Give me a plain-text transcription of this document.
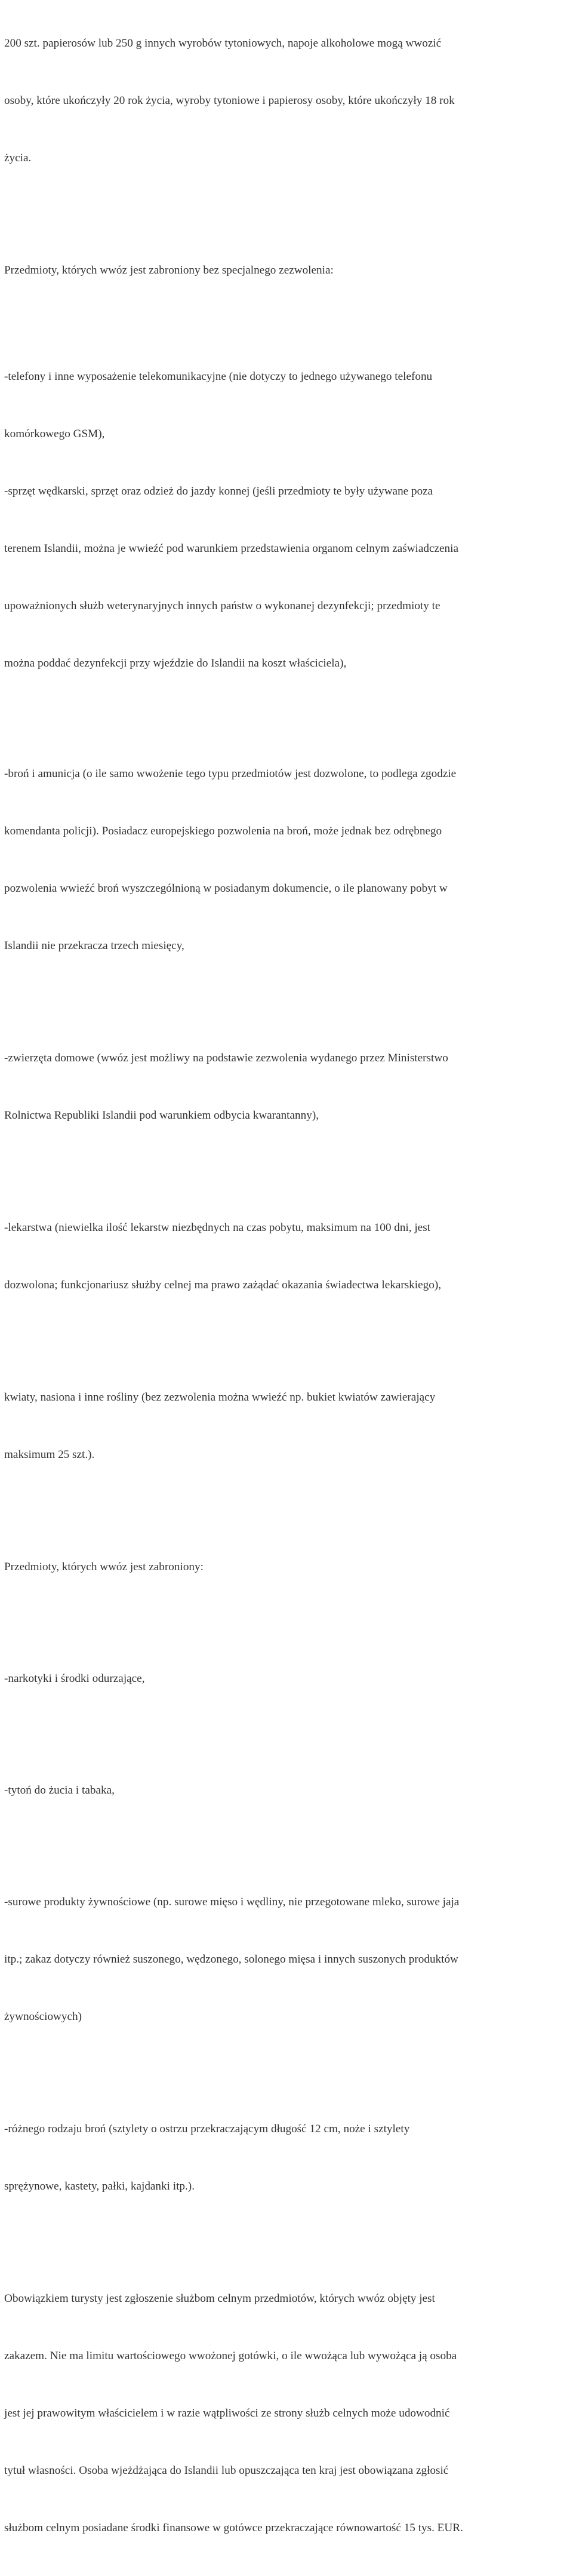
200 szt. papierosów lub 250 g innych wyrobów tytoniowych, napoje alkoholowe mogą wwozić

osoby, które ukończyły 20 rok życia, wyroby tytoniowe i papierosy osoby, które ukończyły 18 rok

życia.

Przedmioty, których wwóz jest zabroniony bez specjalnego zezwolenia:

-telefony i inne wyposażenie telekomunikacyjne (nie dotyczy to jednego używanego telefonu

komórkowego GSM),

-sprzęt wędkarski, sprzęt oraz odzież do jazdy konnej (jeśli przedmioty te były używane poza

terenem Islandii, można je wwieźć pod warunkiem przedstawienia organom celnym zaświadczenia

upoważnionych służb weterynaryjnych innych państw o wykonanej dezynfekcji; przedmioty te

można poddać dezynfekcji przy wjeździe do Islandii na koszt właściciela),

-broń i amunicja (o ile samo wwożenie tego typu przedmiotów jest dozwolone, to podlega zgodzie

komendanta policji). Posiadacz europejskiego pozwolenia na broń, może jednak bez odrębnego

pozwolenia wwieźć broń wyszczególnioną w posiadanym dokumencie, o ile planowany pobyt w

Islandii nie przekracza trzech miesięcy,

-zwierzęta domowe (wwóz jest możliwy na podstawie zezwolenia wydanego przez Ministerstwo

Rolnictwa Republiki Islandii pod warunkiem odbycia kwarantanny),

-lekarstwa (niewielka ilość lekarstw niezbędnych na czas pobytu, maksimum na 100 dni, jest

dozwolona; funkcjonariusz służby celnej ma prawo zażądać okazania świadectwa lekarskiego),

kwiaty, nasiona i inne rośliny (bez zezwolenia można wwieźć np. bukiet kwiatów zawierający

maksimum 25 szt.).

Przedmioty, których wwóz jest zabroniony:

-narkotyki i środki odurzające,

-tytoń do żucia i tabaka,

-surowe produkty żywnościowe (np. surowe mięso i wędliny, nie przegotowane mleko, surowe jaja

itp.; zakaz dotyczy również suszonego, wędzonego, solonego mięsa i innych suszonych produktów

żywnościowych)

-różnego rodzaju broń (sztylety o ostrzu przekraczającym długość 12 cm, noże i sztylety

sprężynowe, kastety, pałki, kajdanki itp.).

Obowiązkiem turysty jest zgłoszenie służbom celnym przedmiotów, których wwóz objęty jest

zakazem. Nie ma limitu wartościowego wwożonej gotówki, o ile wwożąca lub wywożąca ją osoba

jest jej prawowitym właścicielem i w razie wątpliwości ze strony służb celnych może udowodnić

tytuł własności. Osoba wjeżdżająca do Islandii lub opuszczająca ten kraj jest obowiązana zgłosić

służbom celnym posiadane środki finansowe w gotówce przekraczające równowartość 15 tys. EUR.
